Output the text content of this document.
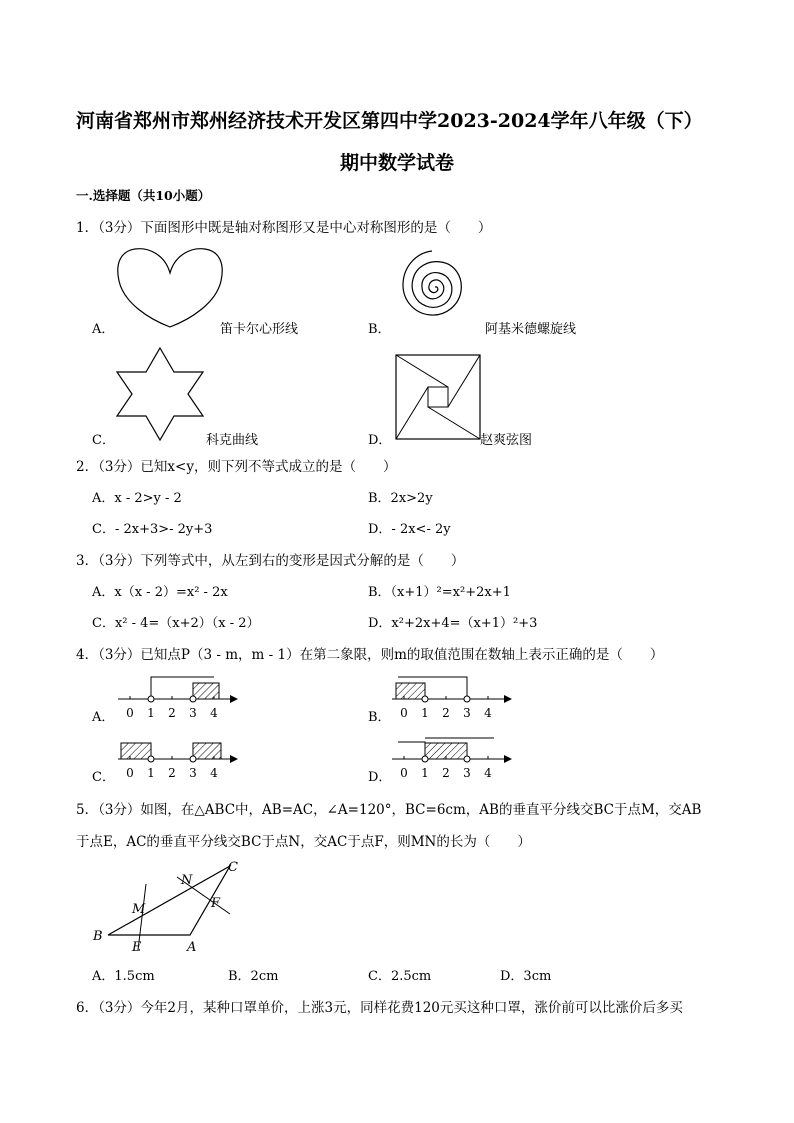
河南省郑州市郑州经济技术开发区第四中学2023-2024学年八年级（下）
期中数学试卷
一.选择题（共10小题）
1．（3分）下面图形中既是轴对称图形又是中心对称图形的是（　　）
A．	笛卡尔心形线	B．	阿基米德螺旋线
C．	科克曲线	D．	赵爽弦图
2．（3分）已知x<y，则下列不等式成立的是（　　）
A．x - 2>y - 2	B．2x>2y
C．- 2x+3>- 2y+3	D．- 2x<- 2y
3．（3分）下列等式中，从左到右的变形是因式分解的是（　　）
A．x（x - 2）=x² - 2x	B．（x+1）²=x²+2x+1
C．x² - 4=（x+2）（x - 2）	D．x²+2x+4=（x+1）²+3
4．（3分）已知点P（3 - m，m - 1）在第二象限，则m的取值范围在数轴上表示正确的是（　　）
A． 0 1 2 3 4	B． 0 1 2 3 4
C． 0 1 2 3 4	D． 0 1 2 3 4
5．（3分）如图，在△ABC中，AB=AC，∠A=120°，BC=6cm，AB的垂直平分线交BC于点M，交AB
于点E，AC的垂直平分线交BC于点N，交AC于点F，则MN的长为（　　）
B
A
C
M
N
E
F
A．1.5cm	B．2cm	C．2.5cm	D．3cm
6．（3分）今年2月，某种口罩单价，上涨3元，同样花费120元买这种口罩，涨价前可以比涨价后多买
